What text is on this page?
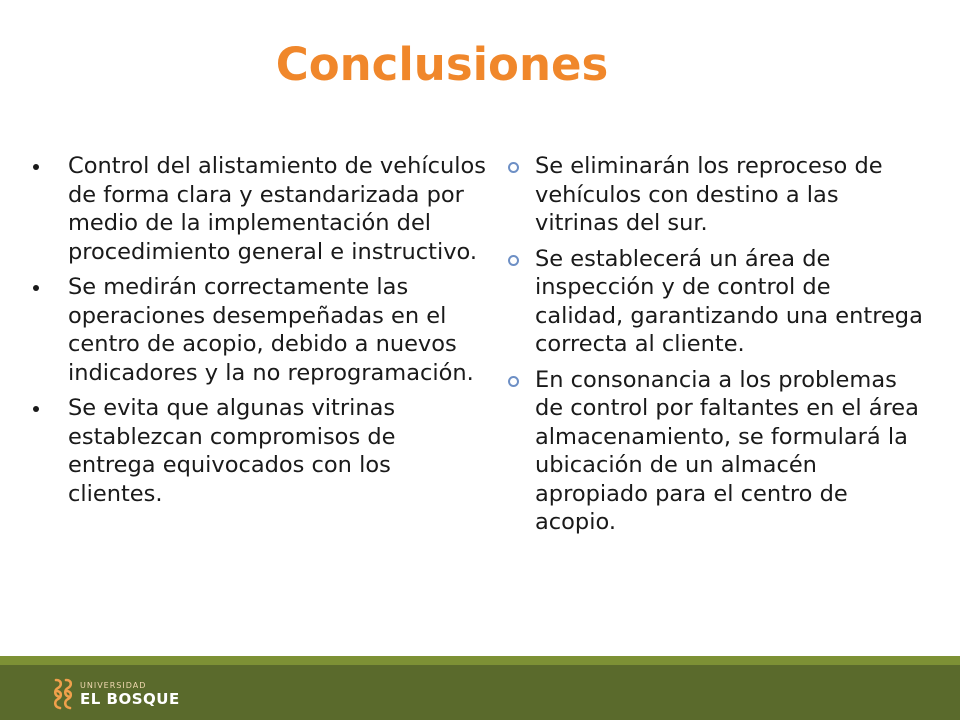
Conclusiones
Control del alistamiento de vehículos de forma clara y estandarizada por medio de la implementación del procedimiento general e instructivo.
Se medirán correctamente las operaciones desempeñadas en el centro de acopio, debido a nuevos indicadores y la no reprogramación.
Se evita que algunas vitrinas establezcan compromisos de entrega equivocados con los clientes.
Se eliminarán los reproceso de vehículos con destino a las vitrinas del sur.
Se establecerá un área de inspección y de control de calidad, garantizando una entrega correcta al cliente.
En consonancia a los problemas de control por faltantes en el área almacenamiento, se formulará la ubicación de un almacén apropiado para el centro de acopio.
UNIVERSIDAD
EL BOSQUE
